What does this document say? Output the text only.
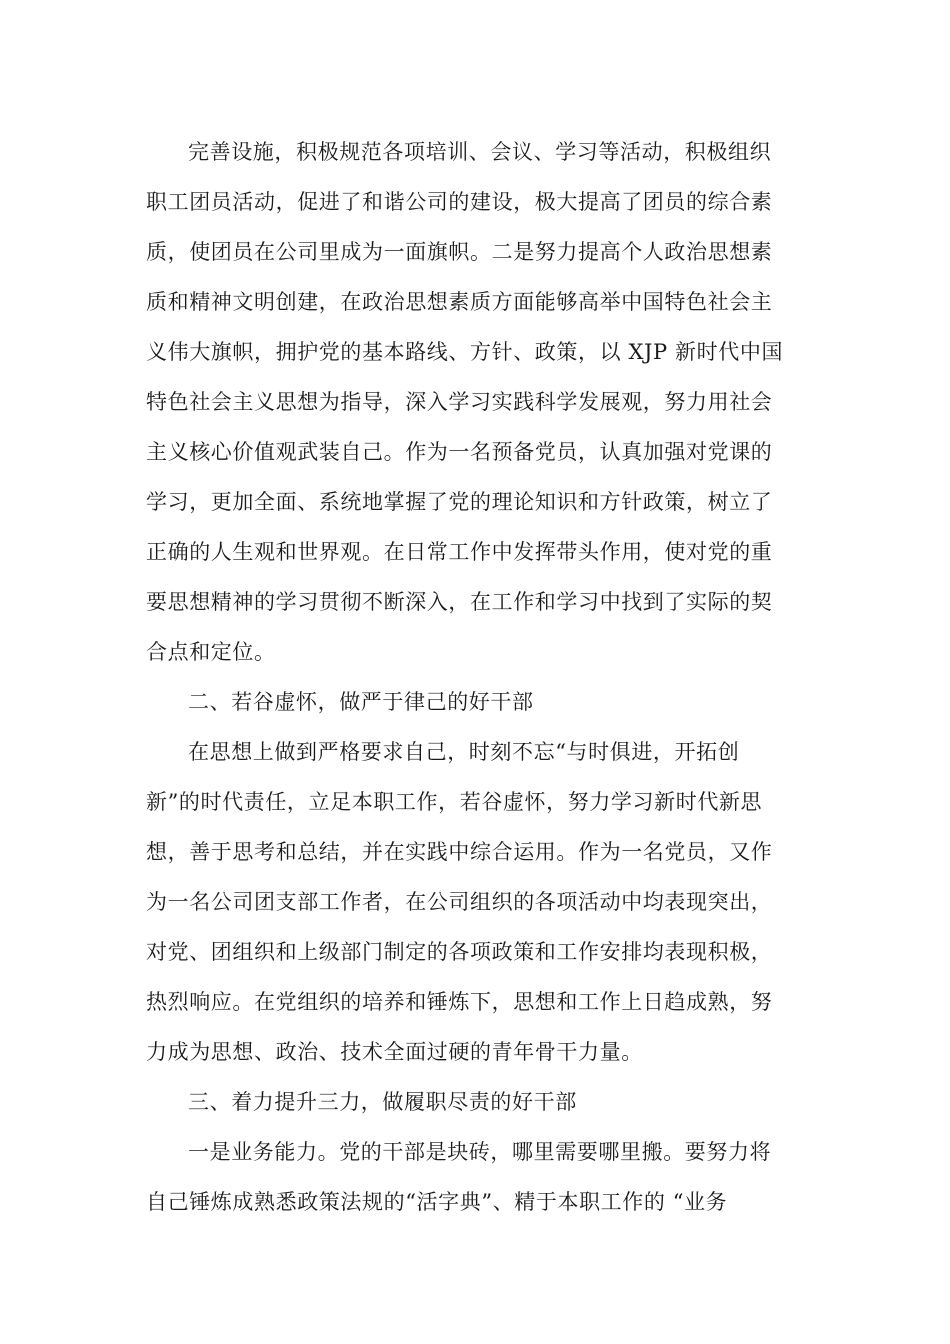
完善设施，积极规范各项培训、会议、学习等活动，积极组织
职工团员活动，促进了和谐公司的建设，极大提高了团员的综合素
质，使团员在公司里成为一面旗帜。二是努力提高个人政治思想素
质和精神文明创建，在政治思想素质方面能够高举中国特色社会主
义伟大旗帜，拥护党的基本路线、方针、政策，以 XJP 新时代中国
特色社会主义思想为指导，深入学习实践科学发展观，努力用社会
主义核心价值观武装自己。作为一名预备党员，认真加强对党课的
学习，更加全面、系统地掌握了党的理论知识和方针政策，树立了
正确的人生观和世界观。在日常工作中发挥带头作用，使对党的重
要思想精神的学习贯彻不断深入，在工作和学习中找到了实际的契
合点和定位。

二、若谷虚怀，做严于律己的好干部

在思想上做到严格要求自己，时刻不忘“与时俱进，开拓创
新”的时代责任，立足本职工作，若谷虚怀，努力学习新时代新思
想，善于思考和总结，并在实践中综合运用。作为一名党员，又作
为一名公司团支部工作者，在公司组织的各项活动中均表现突出，
对党、团组织和上级部门制定的各项政策和工作安排均表现积极，
热烈响应。在党组织的培养和锤炼下，思想和工作上日趋成熟，努
力成为思想、政治、技术全面过硬的青年骨干力量。

三、着力提升三力，做履职尽责的好干部

一是业务能力。党的干部是块砖，哪里需要哪里搬。要努力将
自己锤炼成熟悉政策法规的“活字典”、精于本职工作的 “业务
